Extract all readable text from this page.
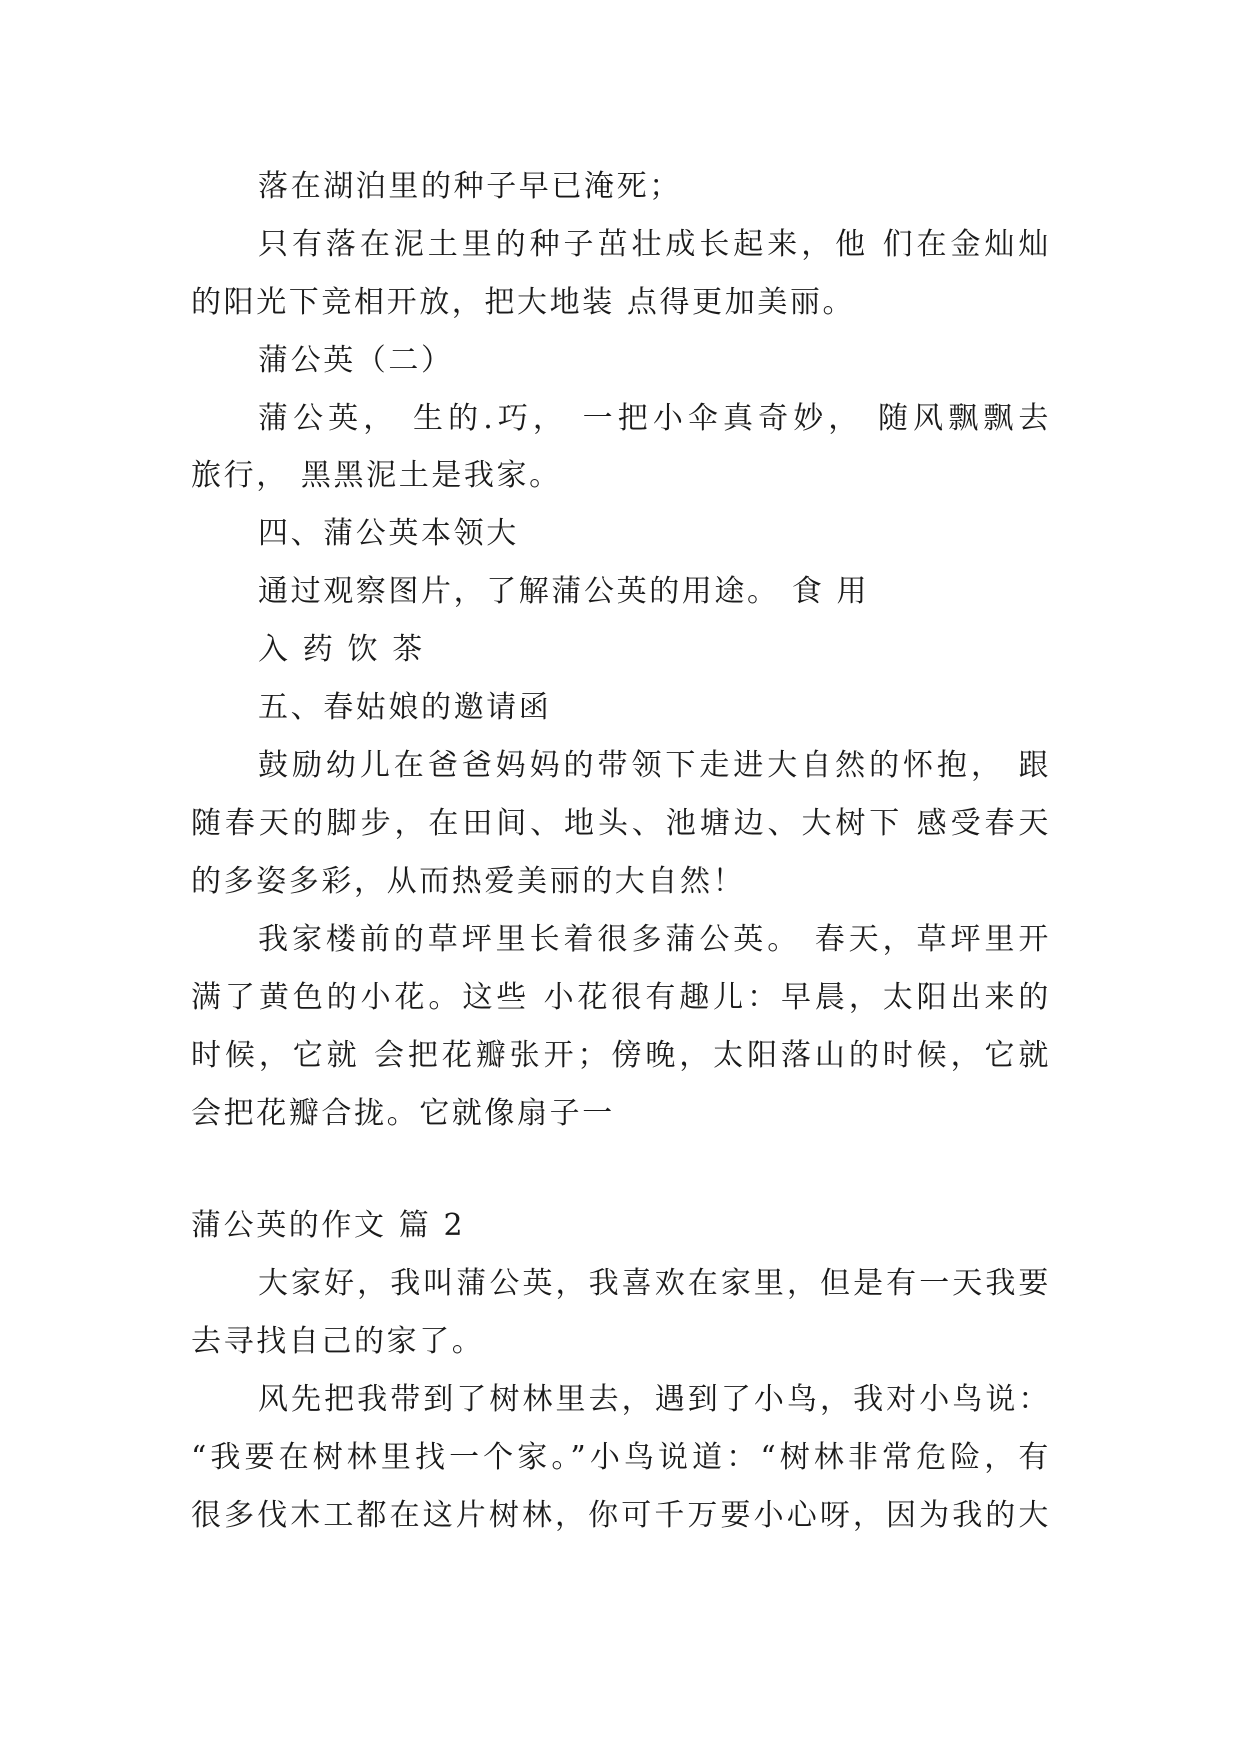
落在湖泊里的种子早已淹死；
只有落在泥土里的种子茁壮成长起来，他 们在金灿灿
的阳光下竞相开放，把大地装 点得更加美丽。
蒲公英（二）
蒲公英， 生的.巧， 一把小伞真奇妙， 随风飘飘去
旅行， 黑黑泥土是我家。
四、蒲公英本领大
通过观察图片，了解蒲公英的用途。 食 用
入 药 饮 茶
五、春姑娘的邀请函
鼓励幼儿在爸爸妈妈的带领下走进大自然的怀抱， 跟
随春天的脚步，在田间、地头、池塘边、大树下 感受春天
的多姿多彩，从而热爱美丽的大自然！
我家楼前的草坪里长着很多蒲公英。 春天，草坪里开
满了黄色的小花。这些 小花很有趣儿：早晨，太阳出来的
时候，它就 会把花瓣张开；傍晚，太阳落山的时候，它就
会把花瓣合拢。它就像扇子一
蒲公英的作文 篇 2
大家好，我叫蒲公英，我喜欢在家里，但是有一天我要
去寻找自己的家了。
风先把我带到了树林里去，遇到了小鸟，我对小鸟说：
“我要在树林里找一个家。”小鸟说道：“树林非常危险，有
很多伐木工都在这片树林，你可千万要小心呀，因为我的大
